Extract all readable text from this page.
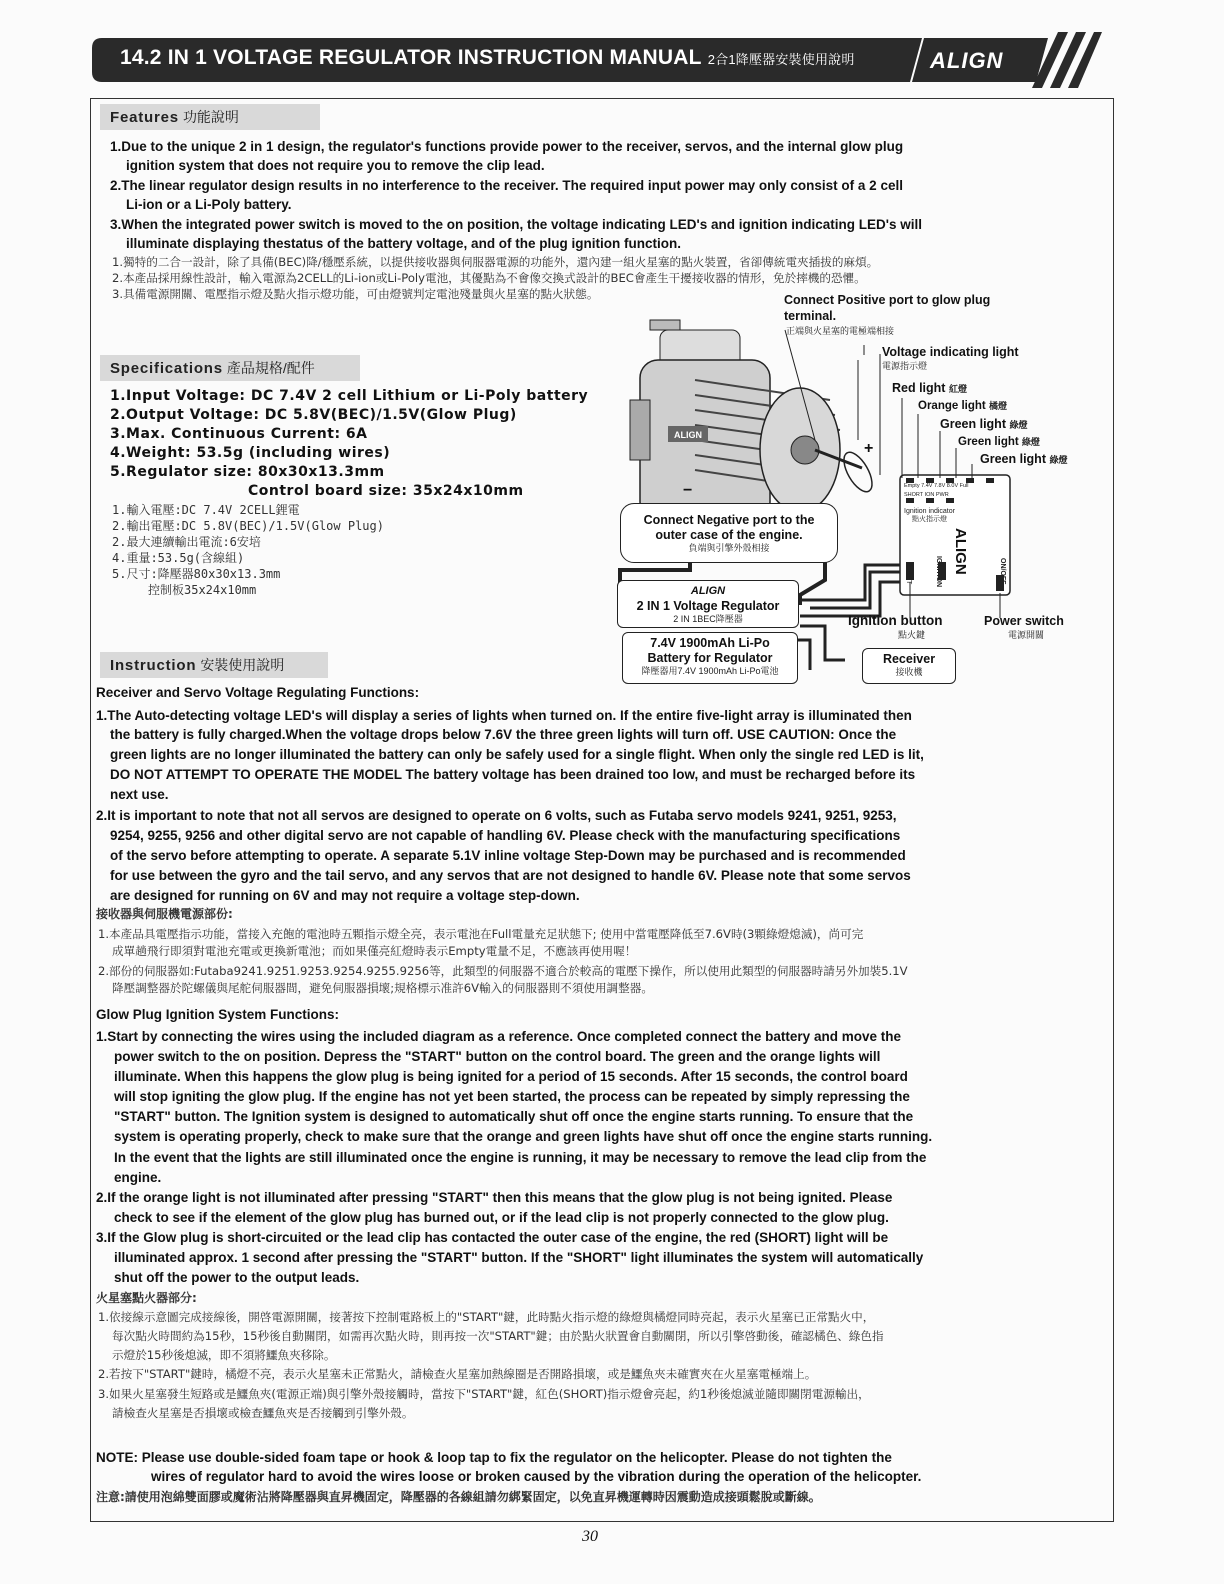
14.2 IN 1 VOLTAGE REGULATOR INSTRUCTION MANUAL 2合1降壓器安裝使用說明	ALIGN
Features 功能說明
1.Due to the unique 2 in 1 design, the regulator's functions provide power to the receiver, servos, and the internal glow plug
ignition system that does not require you to remove the clip lead.
2.The linear regulator design results in no interference to the receiver. The required input power may only consist of a 2 cell
Li-ion or a Li-Poly battery.
3.When the integrated power switch is moved to the on position, the voltage indicating LED's and ignition indicating LED's will
illuminate displaying thestatus of the battery voltage, and of the plug ignition function.
1.獨特的二合一設計，除了具備(BEC)降/穩壓系統，以提供接收器與伺服器電源的功能外，還內建一組火星塞的點火裝置，省卻傳統電夾插拔的麻煩。
2.本產品採用線性設計，輸入電源為2CELL的Li-ion或Li-Poly電池，其優點為不會像交換式設計的BEC會產生干擾接收器的情形，免於摔機的恐懼。
3.具備電源開關、電壓指示燈及點火指示燈功能，可由燈號判定電池殘量與火星塞的點火狀態。
Specifications 產品規格/配件
1.Input Voltage: DC 7.4V 2 cell Lithium or Li-Poly battery
2.Output Voltage: DC 5.8V(BEC)/1.5V(Glow Plug)
3.Max. Continuous Current: 6A
4.Weight: 53.5g (including wires)
5.Regulator size: 80x30x13.3mm
Control board size: 35x24x10mm
1.輸入電壓:DC 7.4V 2CELL鋰電
2.輸出電壓:DC 5.8V(BEC)/1.5V(Glow Plug)
2.最大連續輸出電流:6安培
4.重量:53.5g(含線組)
5.尺寸:降壓器80x30x13.3mm
控制板35x24x10mm
ALIGN
Connect Positive port to glow plug
terminal.
正端與火星塞的電極端相接
Voltage indicating light
電源指示燈
Red light 紅燈
Orange light 橘燈
Green light 綠燈
Green light 綠燈
Green light 綠燈
Empty 7.4V 7.8V 8.0V Full
SHORT ION PWR
Ignition indicator
點火指示燈
ALIGN
START	IGNITION	ON/OFF
+
−
Connect Negative port to the
outer case of the engine.
負端與引擎外殼相接
ALIGN
2 IN 1 Voltage Regulator
2 IN 1BEC降壓器
7.4V 1900mAh Li-Po
Battery for Regulator
降壓器用7.4V 1900mAh Li-Po電池
Ignition button
點火鍵
Power switch
電源開關
Receiver
接收機
Instruction 安裝使用說明
Receiver and Servo Voltage Regulating Functions:
1.The Auto-detecting voltage LED's will display a series of lights when turned on. If the entire five-light array is illuminated then
the battery is fully charged.When the voltage drops below 7.6V the three green lights will turn off. USE CAUTION: Once the
green lights are no longer illuminated the battery can only be safely used for a single flight. When only the single red LED is lit,
DO NOT ATTEMPT TO OPERATE THE MODEL The battery voltage has been drained too low, and must be recharged before its
next use.
2.It is important to note that not all servos are designed to operate on 6 volts, such as Futaba servo models 9241, 9251, 9253,
9254, 9255, 9256 and other digital servo are not capable of handling 6V. Please check with the manufacturing specifications
of the servo before attempting to operate. A separate 5.1V inline voltage Step-Down may be purchased and is recommended
for use between the gyro and the tail servo, and any servos that are not designed to handle 6V. Please note that some servos
are designed for running on 6V and may not require a voltage step-down.
接收器與伺服機電源部份:
1.本產品具電壓指示功能，當接入充飽的電池時五顆指示燈全亮，表示電池在Full電量充足狀態下; 使用中當電壓降低至7.6V時(3顆綠燈熄滅)，尚可完
成單趟飛行即須對電池充電或更換新電池；而如果僅亮紅燈時表示Empty電量不足，不應該再使用喔！
2.部份的伺服器如:Futaba9241.9251.9253.9254.9255.9256等，此類型的伺服器不適合於較高的電壓下操作，所以使用此類型的伺服器時請另外加裝5.1V
降壓調整器於陀螺儀與尾舵伺服器間，避免伺服器損壞;規格標示准許6V輸入的伺服器則不須使用調整器。
Glow Plug Ignition System Functions:
1.Start by connecting the wires using the included diagram as a reference. Once completed connect the battery and move the
power switch to the on position. Depress the "START" button on the control board. The green and the orange lights will
illuminate. When this happens the glow plug is being ignited for a period of 15 seconds. After 15 seconds, the control board
will stop igniting the glow plug. If the engine has not yet been started, the process can be repeated by simply repressing the
"START" button. The Ignition system is designed to automatically shut off once the engine starts running. To ensure that the
system is operating properly, check to make sure that the orange and green lights have shut off once the engine starts running.
In the event that the lights are still illuminated once the engine is running, it may be necessary to remove the lead clip from the
engine.
2.If the orange light is not illuminated after pressing "START" then this means that the glow plug is not being ignited. Please
check to see if the element of the glow plug has burned out, or if the lead clip is not properly connected to the glow plug.
3.If the Glow plug is short-circuited or the lead clip has contacted the outer case of the engine, the red (SHORT) light will be
illuminated approx. 1 second after pressing the "START" button. If the "SHORT" light illuminates the system will automatically
shut off the power to the output leads.
火星塞點火器部分:
1.依接線示意圖完成接線後，開啓電源開關，接著按下控制電路板上的"START"鍵，此時點火指示燈的綠燈與橘燈同時亮起，表示火星塞已正常點火中，
每次點火時間約為15秒，15秒後自動關閉，如需再次點火時，則再按一次"START"鍵；由於點火狀置會自動關閉，所以引擎啓動後，確認橘色、綠色指
示燈於15秒後熄滅，即不須將鱷魚夾移除。
2.若按下"START"鍵時，橘燈不亮，表示火星塞未正常點火，請檢查火星塞加熱線圈是否開路損壞，或是鱷魚夾未確實夾在火星塞電極端上。
3.如果火星塞發生短路或是鱷魚夾(電源正端)與引擎外殼接觸時，當按下"START"鍵，紅色(SHORT)指示燈會亮起，約1秒後熄滅並隨即關閉電源輸出，
請檢查火星塞是否損壞或檢查鱷魚夾是否接觸到引擎外殼。
NOTE: Please use double-sided foam tape or hook & loop tap to fix the regulator on the helicopter. Please do not tighten the
wires of regulator hard to avoid the wires loose or broken caused by the vibration during the operation of the helicopter.
注意:請使用泡綿雙面膠或魔術沾將降壓器與直昇機固定，降壓器的各線組請勿綁緊固定，以免直昇機運轉時因震動造成接頭鬆脫或斷線。
30
